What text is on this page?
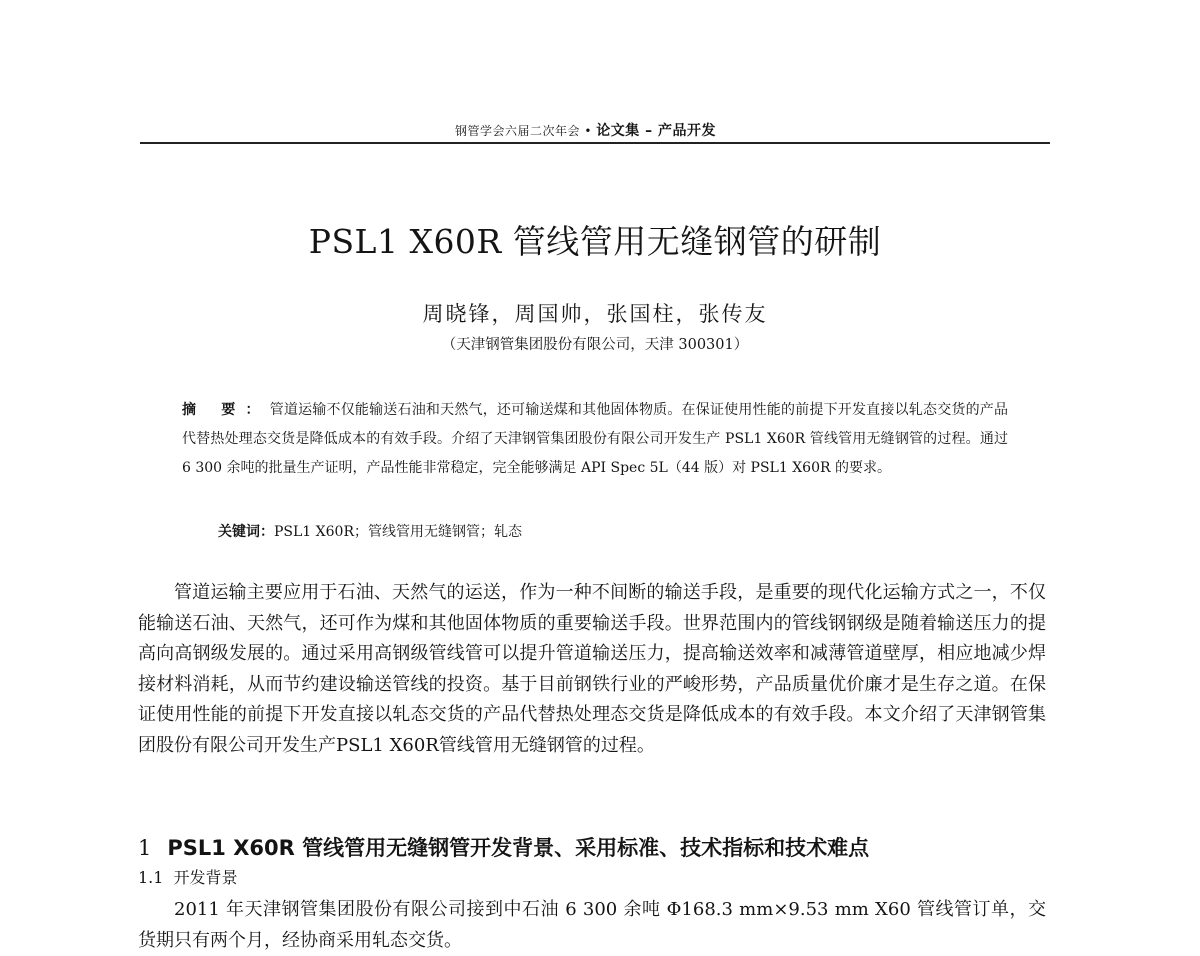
钢管学会六届二次年会 • 论文集 – 产品开发
PSL1 X60R 管线管用无缝钢管的研制
周晓锋，周国帅，张国柱，张传友
（天津钢管集团股份有限公司，天津 300301）
摘 要：管道运输不仅能输送石油和天然气，还可输送煤和其他固体物质。在保证使用性能的前提下开发直接以轧态交货的产品代替热处理态交货是降低成本的有效手段。介绍了天津钢管集团股份有限公司开发生产 PSL1 X60R 管线管用无缝钢管的过程。通过 6 300 余吨的批量生产证明，产品性能非常稳定，完全能够满足 API Spec 5L（44 版）对 PSL1 X60R 的要求。
关键词：PSL1 X60R；管线管用无缝钢管；轧态

管道运输主要应用于石油、天然气的运送，作为一种不间断的输送手段，是重要的现代化运输方式之一，不仅能输送石油、天然气，还可作为煤和其他固体物质的重要输送手段。世界范围内的管线钢钢级是随着输送压力的提高向高钢级发展的。通过采用高钢级管线管可以提升管道输送压力，提高输送效率和减薄管道壁厚，相应地减少焊接材料消耗，从而节约建设输送管线的投资。基于目前钢铁行业的严峻形势，产品质量优价廉才是生存之道。在保证使用性能的前提下开发直接以轧态交货的产品代替热处理态交货是降低成本的有效手段。本文介绍了天津钢管集团股份有限公司开发生产PSL1 X60R管线管用无缝钢管的过程。

1 PSL1 X60R 管线管用无缝钢管开发背景、采用标准、技术指标和技术难点
1.1 开发背景

2011 年天津钢管集团股份有限公司接到中石油 6 300 余吨 Φ168.3 mm×9.53 mm X60 管线管订单，交货期只有两个月，经协商采用轧态交货。
